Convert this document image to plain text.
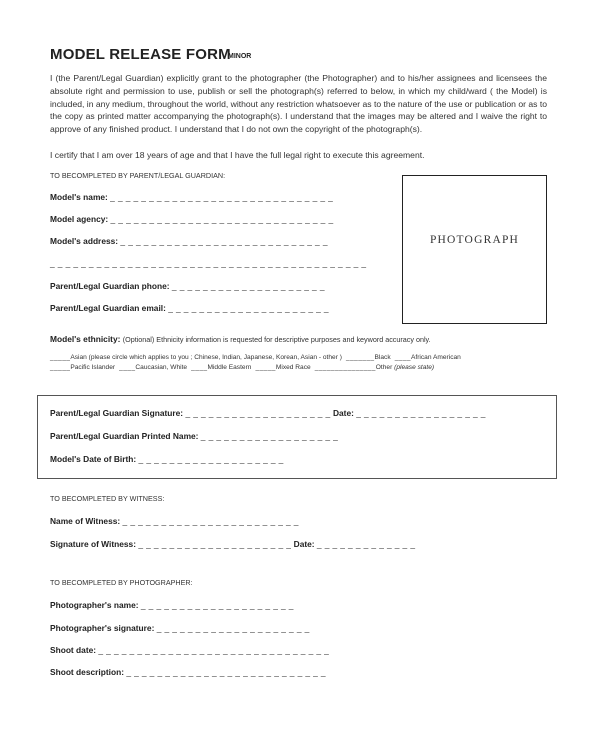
MODEL RELEASE FORM
MINOR
I (the Parent/Legal Guardian) explicitly grant to the photographer (the Photographer) and to his/her assignees and licensees the absolute right and permission to use, publish or sell the photograph(s) referred to below, in which my child/ward ( the Model) is included, in any medium, throughout the world, without any restriction whatsoever as to the nature of the use or publication or as to the copy as printed matter accompanying the photograph(s). I understand that the images may be altered and I waive the right to approve of any finished product. I understand that I do not own the copyright of the photograph(s).
I certify that I am over 18 years of age and that I have the full legal right to execute this agreement.
TO BECOMPLETED BY PARENT/LEGAL GUARDIAN:
Model's name: _ _ _ _ _ _ _ _ _ _ _ _ _ _ _ _ _ _ _ _ _ _ _ _ _ _ _ _ _
Model agency: _ _ _ _ _ _ _ _ _ _ _ _ _ _ _ _ _ _ _ _ _ _ _ _ _ _ _ _ _
Model's address: _ _ _ _ _ _ _ _ _ _ _ _ _ _ _ _ _ _ _ _ _ _ _ _ _ _ _
_ _ _ _ _ _ _ _ _ _ _ _ _ _ _ _ _ _ _ _ _ _ _ _ _ _ _ _ _ _ _ _ _ _ _ _ _ _ _ _ _
Parent/Legal Guardian phone: _ _ _ _ _ _ _ _ _ _ _ _ _ _ _ _ _ _ _ _
Parent/Legal Guardian email: _ _ _ _ _ _ _ _ _ _ _ _ _ _ _ _ _ _ _ _ _
PHOTOGRAPH
Model's ethnicity: (Optional) Ethnicity information is requested for descriptive purposes and keyword accuracy only.
_____Asian (please circle which applies to you ; Chinese, Indian, Japanese, Korean, Asian - other )  _______Black  ____African American
_____Pacific Islander  ____Caucasian, White  ____Middle Eastern  _____Mixed Race  _______________Other (please state)
Parent/Legal Guardian Signature: _ _ _ _ _ _ _ _ _ _ _ _ _ _ _ _ _ _ _ Date: _ _ _ _ _ _ _ _ _ _ _ _ _ _ _ _ _
Parent/Legal Guardian Printed Name: _ _ _ _ _ _ _ _ _ _ _ _ _ _ _ _ _ _
Model's Date of Birth: _ _ _ _ _ _ _ _ _ _ _ _ _ _ _ _ _ _ _
TO BECOMPLETED BY WITNESS:
Name of Witness: _ _ _ _ _ _ _ _ _ _ _ _ _ _ _ _ _ _ _ _ _ _ _
Signature of Witness: _ _ _ _ _ _ _ _ _ _ _ _ _ _ _ _ _ _ _ _ Date: _ _ _ _ _ _ _ _ _ _ _ _ _
TO BECOMPLETED BY PHOTOGRAPHER:
Photographer's name: _ _ _ _ _ _ _ _ _ _ _ _ _ _ _ _ _ _ _ _
Photographer's signature: _ _ _ _ _ _ _ _ _ _ _ _ _ _ _ _ _ _ _ _
Shoot date: _ _ _ _ _ _ _ _ _ _ _ _ _ _ _ _ _ _ _ _ _ _ _ _ _ _ _ _ _ _
Shoot description: _ _ _ _ _ _ _ _ _ _ _ _ _ _ _ _ _ _ _ _ _ _ _ _ _ _
